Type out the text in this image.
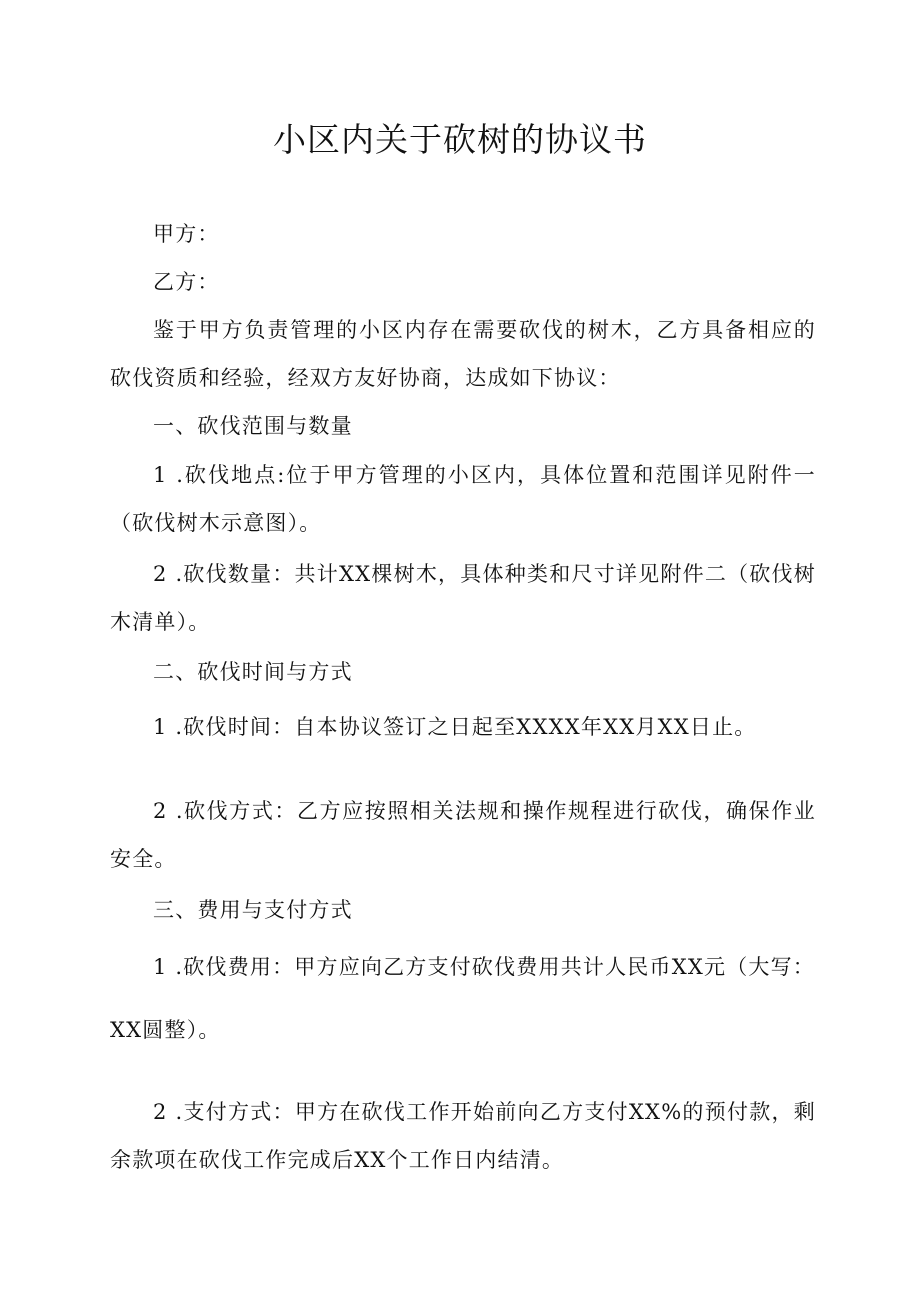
小区内关于砍树的协议书

甲方：

乙方：

鉴于甲方负责管理的小区内存在需要砍伐的树木，乙方具备相应的砍伐资质和经验，经双方友好协商，达成如下协议：

一、砍伐范围与数量

1 .砍伐地点:位于甲方管理的小区内，具体位置和范围详见附件一（砍伐树木示意图）。

2 .砍伐数量：共计XX棵树木，具体种类和尺寸详见附件二（砍伐树木清单）。

二、砍伐时间与方式

1 .砍伐时间：自本协议签订之日起至XXXX年XX月XX日止。

2 .砍伐方式：乙方应按照相关法规和操作规程进行砍伐，确保作业安全。

三、费用与支付方式

1 .砍伐费用：甲方应向乙方支付砍伐费用共计人民币XX元（大写：

XX圆整）。

2 .支付方式：甲方在砍伐工作开始前向乙方支付XX%的预付款，剩余款项在砍伐工作完成后XX个工作日内结清。
